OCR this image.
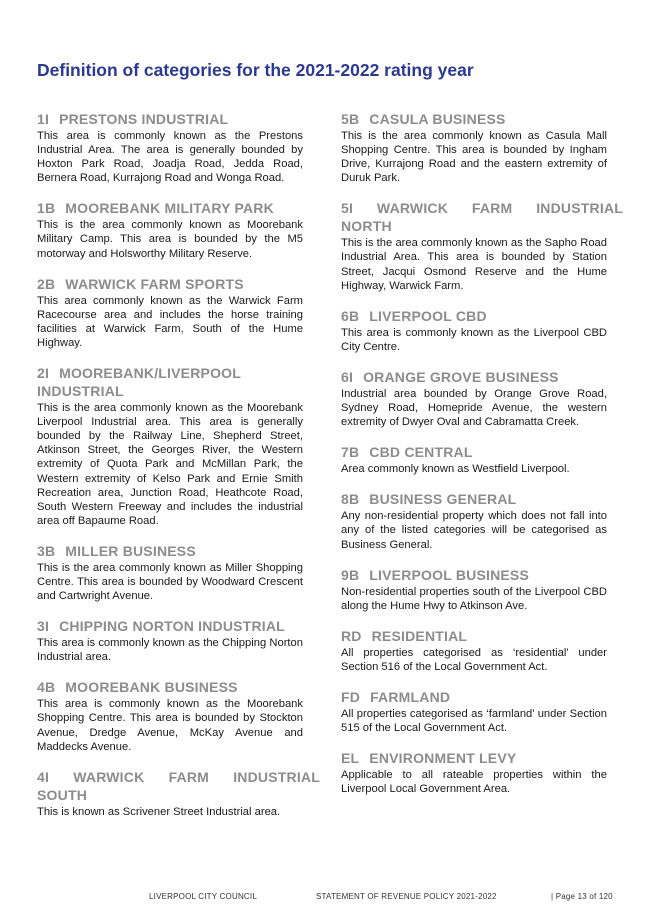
Definition of categories for the 2021-2022 rating year
1I PRESTONS INDUSTRIAL
This area is commonly known as the Prestons Industrial Area. The area is generally bounded by Hoxton Park Road, Joadja Road, Jedda Road, Bernera Road, Kurrajong Road and Wonga Road.
1B MOOREBANK MILITARY PARK
This is the area commonly known as Moorebank Military Camp. This area is bounded by the M5 motorway and Holsworthy Military Reserve.
2B WARWICK FARM SPORTS
This area commonly known as the Warwick Farm Racecourse area and includes the horse training facilities at Warwick Farm, South of the Hume Highway.
2I MOOREBANK/LIVERPOOL
INDUSTRIAL
This is the area commonly known as the Moorebank Liverpool Industrial area. This area is generally bounded by the Railway Line, Shepherd Street, Atkinson Street, the Georges River, the Western extremity of Quota Park and McMillan Park, the Western extremity of Kelso Park and Ernie Smith Recreation area, Junction Road, Heathcote Road, South Western Freeway and includes the industrial area off Bapaume Road.
3B MILLER BUSINESS
This is the area commonly known as Miller Shopping Centre. This area is bounded by Woodward Crescent and Cartwright Avenue.
3I CHIPPING NORTON INDUSTRIAL
This area is commonly known as the Chipping Norton Industrial area.
4B MOOREBANK BUSINESS
This area is commonly known as the Moorebank Shopping Centre. This area is bounded by Stockton Avenue, Dredge Avenue, McKay Avenue and Maddecks Avenue.
4I WARWICK FARM INDUSTRIAL
SOUTH
This is known as Scrivener Street Industrial area.
5B CASULA BUSINESS
This is the area commonly known as Casula Mall Shopping Centre. This area is bounded by Ingham Drive, Kurrajong Road and the eastern extremity of Duruk Park.
5I WARWICK FARM INDUSTRIAL
NORTH
This is the area commonly known as the Sapho Road Industrial Area. This area is bounded by Station Street, Jacqui Osmond Reserve and the Hume Highway, Warwick Farm.
6B LIVERPOOL CBD
This area is commonly known as the Liverpool CBD City Centre.
6I ORANGE GROVE BUSINESS
Industrial area bounded by Orange Grove Road, Sydney Road, Homepride Avenue, the western extremity of Dwyer Oval and Cabramatta Creek.
7B CBD CENTRAL
Area commonly known as Westfield Liverpool.
8B BUSINESS GENERAL
Any non-residential property which does not fall into any of the listed categories will be categorised as Business General.
9B LIVERPOOL BUSINESS
Non-residential properties south of the Liverpool CBD along the Hume Hwy to Atkinson Ave.
RD RESIDENTIAL
All properties categorised as ‘residential’ under Section 516 of the Local Government Act.
FD FARMLAND
All properties categorised as ‘farmland’ under Section 515 of the Local Government Act.
EL ENVIRONMENT LEVY
Applicable to all rateable properties within the Liverpool Local Government Area.
LIVERPOOL CITY COUNCIL	STATEMENT OF REVENUE POLICY 2021-2022	| Page 13 of 120
